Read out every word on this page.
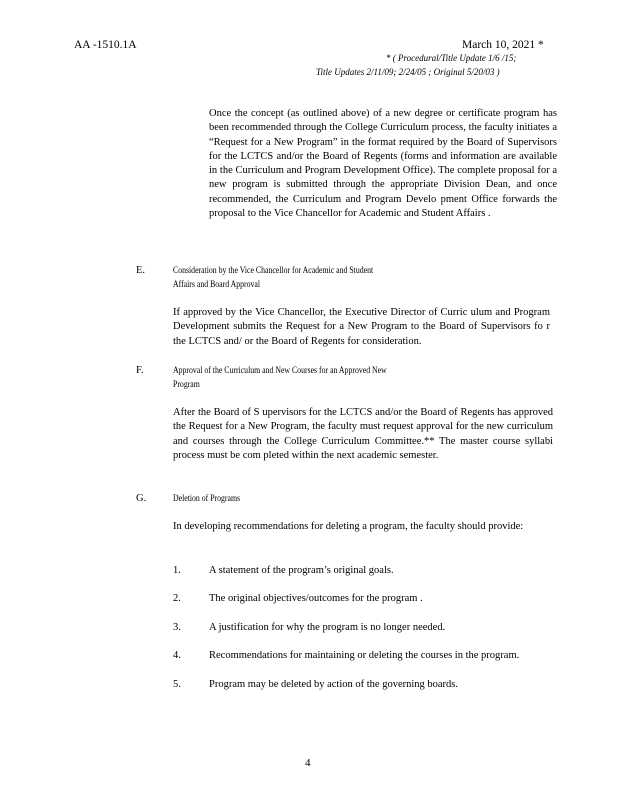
AA -1510.1A	March 10, 2021 *
* ( Procedural/Title Update 1/6 /15;
Title Updates 2/11/09; 2/24/05 ; Original 5/20/03 )

Once the concept (as outlined above) of a new degree or certificate program has been recommended through the College Curriculum process, the faculty initiates a “Request for a New Program” in the format required by the Board of Supervisors for the LCTCS and/or the Board of Regents (forms and information are available in the Curriculum and Program Development Office). The complete proposal for a new program is submitted through the appropriate Division Dean, and once recommended, the Curriculum and Program Develo pment Office forwards the proposal to the Vice Chancellor for Academic and Student Affairs .

E.	Consideration by the Vice Chancellor for Academic and Student
Affairs and Board Approval

If approved by the Vice Chancellor, the Executive Director of Curric ulum and Program Development submits the Request for a New Program to the Board of Supervisors fo r the LCTCS and/ or the Board of Regents for consideration.

F.	Approval of the Curriculum and New Courses for an Approved New
Program

After the Board of S upervisors for the LCTCS and/or the Board of Regents has approved the Request for a New Program, the faculty must request approval for the new curriculum and courses through the College Curriculum Committee.** The master course syllabi process must be com pleted within the next academic semester.

G.	Deletion of Programs

In developing recommendations for deleting a program, the faculty should provide:

1.	A statement of the program’s original goals.
2.	The original objectives/outcomes for the program .
3.	A justification for why the program is no longer needed.
4.	Recommendations for maintaining or deleting the courses in the program.
5.	Program may be deleted by action of the governing boards.
4
